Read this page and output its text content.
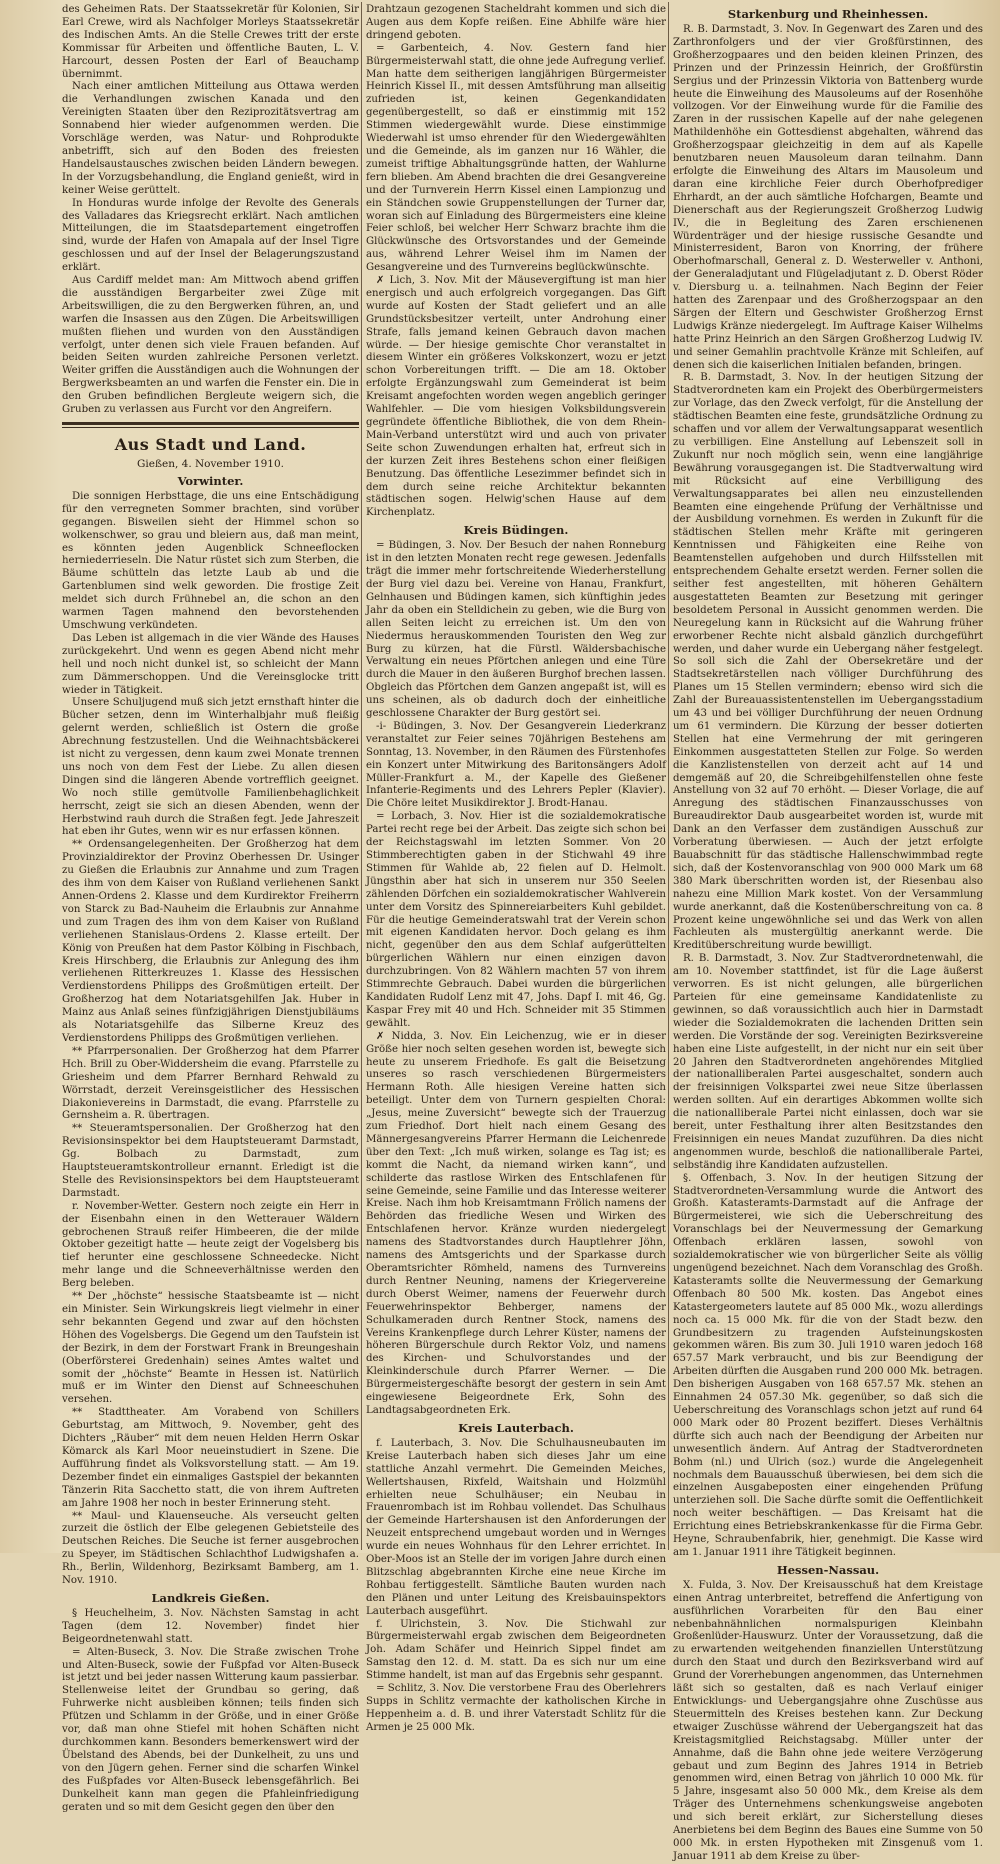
des Geheimen Rats. Der Staatssekretär für Kolonien, Sir Earl Crewe, wird als Nachfolger Morleys Staatssekretär des Indischen Amts. An die Stelle Crewes tritt der erste Kommissar für Arbeiten und öffentliche Bauten, L. V. Harcourt, dessen Posten der Earl of Beauchamp übernimmt.

Nach einer amtlichen Mitteilung aus Ottawa werden die Verhandlungen zwischen Kanada und den Vereinigten Staaten über den Reziprozitätsvertrag am Sonnabend hier wieder aufgenommen werden. Die Vorschläge werden, was Natur- und Rohprodukte anbetrifft, sich auf den Boden des freiesten Handelsaustausches zwischen beiden Ländern bewegen. In der Vorzugsbehandlung, die England genießt, wird in keiner Weise gerüttelt.

In Honduras wurde infolge der Revolte des Generals des Valladares das Kriegsrecht erklärt. Nach amtlichen Mitteilungen, die im Staatsdepartement eingetroffen sind, wurde der Hafen von Amapala auf der Insel Tigre geschlossen und auf der Insel der Belagerungszustand erklärt.

Aus Cardiff meldet man: Am Mittwoch abend griffen die ausständigen Bergarbeiter zwei Züge mit Arbeitswilligen, die zu den Bergwerken führen, an, und warfen die Insassen aus den Zügen. Die Arbeitswilligen mußten fliehen und wurden von den Ausständigen verfolgt, unter denen sich viele Frauen befanden. Auf beiden Seiten wurden zahlreiche Personen verletzt. Weiter griffen die Ausständigen auch die Wohnungen der Bergwerksbeamten an und warfen die Fenster ein. Die in den Gruben befindlichen Bergleute weigern sich, die Gruben zu verlassen aus Furcht vor den Angreifern.

Aus Stadt und Land.
Gießen, 4. November 1910.
Vorwinter.

Die sonnigen Herbsttage, die uns eine Entschädigung für den verregneten Sommer brachten, sind vorüber gegangen. Bisweilen sieht der Himmel schon so wolkenschwer, so grau und bleiern aus, daß man meint, es könnten jeden Augenblick Schneeflocken herniederrieseln. Die Natur rüstet sich zum Sterben, die Bäume schütteln das letzte Laub ab und die Gartenblumen sind welk geworden. Die frostige Zeit meldet sich durch Frühnebel an, die schon an den warmen Tagen mahnend den bevorstehenden Umschwung verkündeten.

Das Leben ist allgemach in die vier Wände des Hauses zurückgekehrt. Und wenn es gegen Abend nicht mehr hell und noch nicht dunkel ist, so schleicht der Mann zum Dämmerschoppen. Und die Vereinsglocke tritt wieder in Tätigkeit.

Unsere Schuljugend muß sich jetzt ernsthaft hinter die Bücher setzen, denn im Winterhalbjahr muß fleißig gelernt werden, schließlich ist Ostern die große Abrechnung festzustellen. Und die Weihnachtsbäckerei ist nicht zu vergessen, denn kaum zwei Monate trennen uns noch von dem Fest der Liebe. Zu allen diesen Dingen sind die längeren Abende vortrefflich geeignet. Wo noch stille gemütvolle Familienbehaglichkeit herrscht, zeigt sie sich an diesen Abenden, wenn der Herbstwind rauh durch die Straßen fegt. Jede Jahreszeit hat eben ihr Gutes, wenn wir es nur erfassen können.

** Ordensangelegenheiten. Der Großherzog hat dem Provinzialdirektor der Provinz Oberhessen Dr. Usinger zu Gießen die Erlaubnis zur Annahme und zum Tragen des ihm von dem Kaiser von Rußland verliehenen Sankt Annen-Ordens 2. Klasse und dem Kurdirektor Freiherrn von Starck zu Bad-Nauheim die Erlaubnis zur Annahme und zum Tragen des ihm von dem Kaiser von Rußland verliehenen Stanislaus-Ordens 2. Klasse erteilt. Der König von Preußen hat dem Pastor Kölbing in Fischbach, Kreis Hirschberg, die Erlaubnis zur Anlegung des ihm verliehenen Ritterkreuzes 1. Klasse des Hessischen Verdienstordens Philipps des Großmütigen erteilt. Der Großherzog hat dem Notariatsgehilfen Jak. Huber in Mainz aus Anlaß seines fünfzigjährigen Dienstjubiläums als Notariatsgehilfe das Silberne Kreuz des Verdienstordens Philipps des Großmütigen verliehen.

** Pfarrpersonalien. Der Großherzog hat dem Pfarrer Hch. Brill zu Ober-Widdersheim die evang. Pfarrstelle zu Griesheim und dem Pfarrer Bernhard Rehwald zu Wörrstadt, derzeit Vereinsgeistlicher des Hessischen Diakonievereins in Darmstadt, die evang. Pfarrstelle zu Gernsheim a. R. übertragen.

** Steueramtspersonalien. Der Großherzog hat den Revisionsinspektor bei dem Hauptsteueramt Darmstadt, Gg. Bolbach zu Darmstadt, zum Hauptsteueramtskontrolleur ernannt. Erledigt ist die Stelle des Revisionsinspektors bei dem Hauptsteueramt Darmstadt.

r. November-Wetter. Gestern noch zeigte ein Herr in der Eisenbahn einen in den Wetterauer Wäldern gebrochenen Strauß reifer Himbeeren, die der milde Oktober gezeitigt hatte — heute zeigt der Vogelsberg bis tief herunter eine geschlossene Schneedecke. Nicht mehr lange und die Schneeverhältnisse werden den Berg beleben.

** Der „höchste“ hessische Staatsbeamte ist — nicht ein Minister. Sein Wirkungskreis liegt vielmehr in einer sehr bekannten Gegend und zwar auf den höchsten Höhen des Vogelsbergs. Die Gegend um den Taufstein ist der Bezirk, in dem der Forstwart Frank in Breungeshain (Oberförsterei Gredenhain) seines Amtes waltet und somit der „höchste“ Beamte in Hessen ist. Natürlich muß er im Winter den Dienst auf Schneeschuhen versehen.

** Stadttheater. Am Vorabend von Schillers Geburtstag, am Mittwoch, 9. November, geht des Dichters „Räuber“ mit dem neuen Helden Herrn Oskar Kömarck als Karl Moor neueinstudiert in Szene. Die Aufführung findet als Volksvorstellung statt. — Am 19. Dezember findet ein einmaliges Gastspiel der bekannten Tänzerin Rita Sacchetto statt, die von ihrem Auftreten am Jahre 1908 her noch in bester Erinnerung steht.

** Maul- und Klauenseuche. Als verseucht gelten zurzeit die östlich der Elbe gelegenen Gebietsteile des Deutschen Reiches. Die Seuche ist ferner ausgebrochen zu Speyer, im Städtischen Schlachthof Ludwigshafen a. Rh., Berlin, Wildenhorg, Bezirksamt Bamberg, am 1. Nov. 1910.

Landkreis Gießen.

§ Heuchelheim, 3. Nov. Nächsten Samstag in acht Tagen (dem 12. November) findet hier Beigeordnetenwahl statt.

= Alten-Buseck, 3. Nov. Die Straße zwischen Trohe und Alten-Buseck, sowie der Fußpfad vor Alten-Buseck ist jetzt und bei jeder nassen Witterung kaum passierbar. Stellenweise leitet der Grundbau so gering, daß Fuhrwerke nicht ausbleiben können; teils finden sich Pfützen und Schlamm in der Größe, und in einer Größe vor, daß man ohne Stiefel mit hohen Schäften nicht durchkommen kann. Besonders bemerkenswert wird der Übelstand des Abends, bei der Dunkelheit, zu uns und von den Jügern gehen. Ferner sind die scharfen Winkel des Fußpfades vor Alten-Buseck lebensgefährlich. Bei Dunkelheit kann man gegen die Pfahleinfriedigung geraten und so mit dem Gesicht gegen den über den

Drahtzaun gezogenen Stacheldraht kommen und sich die Augen aus dem Kopfe reißen. Eine Abhilfe wäre hier dringend geboten.

= Garbenteich, 4. Nov. Gestern fand hier Bürgermeisterwahl statt, die ohne jede Aufregung verlief. Man hatte dem seitherigen langjährigen Bürgermeister Heinrich Kissel II., mit dessen Amtsführung man allseitig zufrieden ist, keinen Gegenkandidaten gegenübergestellt, so daß er einstimmig mit 152 Stimmen wiedergewählt wurde. Diese einstimmige Wiederwahl ist umso ehrender für den Wiedergewählten und die Gemeinde, als im ganzen nur 16 Wähler, die zumeist triftige Abhaltungsgründe hatten, der Wahlurne fern blieben. Am Abend brachten die drei Gesangvereine und der Turnverein Herrn Kissel einen Lampionzug und ein Ständchen sowie Gruppenstellungen der Turner dar, woran sich auf Einladung des Bürgermeisters eine kleine Feier schloß, bei welcher Herr Schwarz brachte ihm die Glückwünsche des Ortsvorstandes und der Gemeinde aus, während Lehrer Weisel ihm im Namen der Gesangvereine und des Turnvereins beglückwünschte.

✗ Lich, 3. Nov. Mit der Mäusevergiftung ist man hier energisch und auch erfolgreich vorgegangen. Das Gift wurde auf Kosten der Stadt geliefert und an alle Grundstücksbesitzer verteilt, unter Androhung einer Strafe, falls jemand keinen Gebrauch davon machen würde. — Der hiesige gemischte Chor veranstaltet in diesem Winter ein größeres Volkskonzert, wozu er jetzt schon Vorbereitungen trifft. — Die am 18. Oktober erfolgte Ergänzungswahl zum Gemeinderat ist beim Kreisamt angefochten worden wegen angeblich geringer Wahlfehler. — Die vom hiesigen Volksbildungsverein gegründete öffentliche Bibliothek, die von dem Rhein-Main-Verband unterstützt wird und auch von privater Seite schon Zuwendungen erhalten hat, erfreut sich in der kurzen Zeit ihres Bestehens schon einer fleißigen Benutzung. Das öffentliche Lesezimmer befindet sich in dem durch seine reiche Architektur bekannten städtischen sogen. Helwig'schen Hause auf dem Kirchenplatz.

Kreis Büdingen.

= Büdingen, 3. Nov. Der Besuch der nahen Ronneburg ist in den letzten Monaten recht rege gewesen. Jedenfalls trägt die immer mehr fortschreitende Wiederherstellung der Burg viel dazu bei. Vereine von Hanau, Frankfurt, Gelnhausen und Büdingen kamen, sich künftighin jedes Jahr da oben ein Stelldichein zu geben, wie die Burg von allen Seiten leicht zu erreichen ist. Um den von Niedermus herauskommenden Touristen den Weg zur Burg zu kürzen, hat die Fürstl. Wäldersbachische Verwaltung ein neues Pförtchen anlegen und eine Türe durch die Mauer in den äußeren Burghof brechen lassen. Obgleich das Pförtchen dem Ganzen angepaßt ist, will es uns scheinen, als ob dadurch doch der einheitliche geschlossene Charakter der Burg gestört sei.

-i- Büdingen, 3. Nov. Der Gesangverein Liederkranz veranstaltet zur Feier seines 70jährigen Bestehens am Sonntag, 13. November, in den Räumen des Fürstenhofes ein Konzert unter Mitwirkung des Baritonsängers Adolf Müller-Frankfurt a. M., der Kapelle des Gießener Infanterie-Regiments und des Lehrers Pepler (Klavier). Die Chöre leitet Musikdirektor J. Brodt-Hanau.

= Lorbach, 3. Nov. Hier ist die sozialdemokratische Partei recht rege bei der Arbeit. Das zeigte sich schon bei der Reichstagswahl im letzten Sommer. Von 20 Stimmberechtigten gaben in der Stichwahl 49 ihre Stimmen für Wahlde ab, 22 fielen auf D. Helmolt. Jüngsthin aber hat sich in unserem nur 350 Seelen zählenden Dörfchen ein sozialdemokratischer Wahlverein unter dem Vorsitz des Spinnereiarbeiters Kuhl gebildet. Für die heutige Gemeinderatswahl trat der Verein schon mit eigenen Kandidaten hervor. Doch gelang es ihm nicht, gegenüber den aus dem Schlaf aufgerüttelten bürgerlichen Wählern nur einen einzigen davon durchzubringen. Von 82 Wählern machten 57 von ihrem Stimmrechte Gebrauch. Dabei wurden die bürgerlichen Kandidaten Rudolf Lenz mit 47, Johs. Dapf I. mit 46, Gg. Kaspar Frey mit 40 und Hch. Schneider mit 35 Stimmen gewählt.

✗ Nidda, 3. Nov. Ein Leichenzug, wie er in dieser Größe hier noch selten gesehen worden ist, bewegte sich heute zu unserem Friedhofe. Es galt die Beisetzung unseres so rasch verschiedenen Bürgermeisters Hermann Roth. Alle hiesigen Vereine hatten sich beteiligt. Unter dem von Turnern gespielten Choral: „Jesus, meine Zuversicht“ bewegte sich der Trauerzug zum Friedhof. Dort hielt nach einem Gesang des Männergesangvereins Pfarrer Hermann die Leichenrede über den Text: „Ich muß wirken, solange es Tag ist; es kommt die Nacht, da niemand wirken kann“, und schilderte das rastlose Wirken des Entschlafenen für seine Gemeinde, seine Familie und das Interesse weiterer Kreise. Nach ihm hob Kreisamtmann Frölich namens der Behörden das friedliche Wesen und Wirken des Entschlafenen hervor. Kränze wurden niedergelegt namens des Stadtvorstandes durch Hauptlehrer Jöhn, namens des Amtsgerichts und der Sparkasse durch Oberamtsrichter Römheld, namens des Turnvereins durch Rentner Neuning, namens der Kriegervereine durch Oberst Weimer, namens der Feuerwehr durch Feuerwehrinspektor Behberger, namens der Schulkameraden durch Rentner Stock, namens des Vereins Krankenpflege durch Lehrer Küster, namens der höheren Bürgerschule durch Rektor Volz, und namens des Kirchen- und Schulvorstandes und der Kleinkinderschule durch Pfarrer Werner. — Die Bürgermeistergeschäfte besorgt der gestern in sein Amt eingewiesene Beigeordnete Erk, Sohn des Landtagsabgeordneten Erk.

Kreis Lauterbach.

f. Lauterbach, 3. Nov. Die Schulhausneubauten im Kreise Lauterbach haben sich dieses Jahr um eine stattliche Anzahl vermehrt. Die Gemeinden Meiches, Wellertshausen, Rixfeld, Waitshain und Holzmühl erhielten neue Schulhäuser; ein Neubau in Frauenrombach ist im Rohbau vollendet. Das Schulhaus der Gemeinde Hartershausen ist den Anforderungen der Neuzeit entsprechend umgebaut worden und in Wernges wurde ein neues Wohnhaus für den Lehrer errichtet. In Ober-Moos ist an Stelle der im vorigen Jahre durch einen Blitzschlag abgebrannten Kirche eine neue Kirche im Rohbau fertiggestellt. Sämtliche Bauten wurden nach den Plänen und unter Leitung des Kreisbauinspektors Lauterbach ausgeführt.

f. Ulrichstein, 3. Nov. Die Stichwahl zur Bürgermeisterwahl ergab zwischen dem Beigeordneten Joh. Adam Schäfer und Heinrich Sippel findet am Samstag den 12. d. M. statt. Da es sich nur um eine Stimme handelt, ist man auf das Ergebnis sehr gespannt.

= Schlitz, 3. Nov. Die verstorbene Frau des Oberlehrers Supps in Schlitz vermachte der katholischen Kirche in Heppenheim a. d. B. und ihrer Vaterstadt Schlitz für die Armen je 25 000 Mk.

Starkenburg und Rheinhessen.

R. B. Darmstadt, 3. Nov. In Gegenwart des Zaren und des Zarthronfolgers und der vier Großfürstinnen, des Großherzogpaares und den beiden kleinen Prinzen, des Prinzen und der Prinzessin Heinrich, der Großfürstin Sergius und der Prinzessin Viktoria von Battenberg wurde heute die Einweihung des Mausoleums auf der Rosenhöhe vollzogen. Vor der Einweihung wurde für die Familie des Zaren in der russischen Kapelle auf der nahe gelegenen Mathildenhöhe ein Gottesdienst abgehalten, während das Großherzogspaar gleichzeitig in dem auf als Kapelle benutzbaren neuen Mausoleum daran teilnahm. Dann erfolgte die Einweihung des Altars im Mausoleum und daran eine kirchliche Feier durch Oberhofprediger Ehrhardt, an der auch sämtliche Hofchargen, Beamte und Dienerschaft aus der Regierungszeit Großherzog Ludwig IV., die in Begleitung des Zaren erschienenen Würdenträger und der hiesige russische Gesandte und Ministerresident, Baron von Knorring, der frühere Oberhofmarschall, General z. D. Westerweller v. Anthoni, der Generaladjutant und Flügeladjutant z. D. Oberst Röder v. Diersburg u. a. teilnahmen. Nach Beginn der Feier hatten des Zarenpaar und des Großherzogspaar an den Särgen der Eltern und Geschwister Großherzog Ernst Ludwigs Kränze niedergelegt. Im Auftrage Kaiser Wilhelms hatte Prinz Heinrich an den Särgen Großherzog Ludwig IV. und seiner Gemahlin prachtvolle Kränze mit Schleifen, auf denen sich die kaiserlichen Initialen befanden, bringen.

R. B. Darmstadt, 3. Nov. In der heutigen Sitzung der Stadtverordneten kam ein Projekt des Oberbürgermeisters zur Vorlage, das den Zweck verfolgt, für die Anstellung der städtischen Beamten eine feste, grundsätzliche Ordnung zu schaffen und vor allem der Verwaltungsapparat wesentlich zu verbilligen. Eine Anstellung auf Lebenszeit soll in Zukunft nur noch möglich sein, wenn eine langjährige Bewährung vorausgegangen ist. Die Stadtverwaltung wird mit Rücksicht auf eine Verbilligung des Verwaltungsapparates bei allen neu einzustellenden Beamten eine eingehende Prüfung der Verhältnisse und der Ausbildung vornehmen. Es werden in Zukunft für die städtischen Stellen mehr Kräfte mit geringeren Kenntnissen und Fähigkeiten eine Reihe von Beamtenstellen aufgehoben und durch Hilfsstellen mit entsprechendem Gehalte ersetzt werden. Ferner sollen die seither fest angestellten, mit höheren Gehältern ausgestatteten Beamten zur Besetzung mit geringer besoldetem Personal in Aussicht genommen werden. Die Neuregelung kann in Rücksicht auf die Wahrung früher erworbener Rechte nicht alsbald gänzlich durchgeführt werden, und daher wurde ein Uebergang näher festgelegt. So soll sich die Zahl der Obersekretäre und der Stadtsekretärstellen nach völliger Durchführung des Planes um 15 Stellen vermindern; ebenso wird sich die Zahl der Bureauassistentenstellen im Uebergangsstadium um 43 und bei völliger Durchführung der neuen Ordnung um 61 vermindern. Die Kürzung der besser dotierten Stellen hat eine Vermehrung der mit geringeren Einkommen ausgestatteten Stellen zur Folge. So werden die Kanzlistenstellen von derzeit acht auf 14 und demgemäß auf 20, die Schreibgehilfenstellen ohne feste Anstellung von 32 auf 70 erhöht. — Dieser Vorlage, die auf Anregung des städtischen Finanzausschusses von Bureaudirektor Daub ausgearbeitet worden ist, wurde mit Dank an den Verfasser dem zuständigen Ausschuß zur Vorberatung überwiesen. — Auch der jetzt erfolgte Bauabschnitt für das städtische Hallenschwimmbad regte sich, daß der Kostenvoranschlag von 900 000 Mark um 68 380 Mark überschritten worden ist, der Riesenbau also nahezu eine Million Mark kostet. Von der Versammlung wurde anerkannt, daß die Kostenüberschreitung von ca. 8 Prozent keine ungewöhnliche sei und das Werk von allen Fachleuten als mustergültig anerkannt werde. Die Kreditüberschreitung wurde bewilligt.

R. B. Darmstadt, 3. Nov. Zur Stadtverordnetenwahl, die am 10. November stattfindet, ist für die Lage äußerst verworren. Es ist nicht gelungen, alle bürgerlichen Parteien für eine gemeinsame Kandidatenliste zu gewinnen, so daß voraussichtlich auch hier in Darmstadt wieder die Sozialdemokraten die lachenden Dritten sein werden. Die Vorstände der sog. Vereinigten Bezirksvereine haben eine Liste aufgestellt, in der nicht nur ein seit über 20 Jahren den Stadtverordneten angehörendes Mitglied der nationalliberalen Partei ausgeschaltet, sondern auch der freisinnigen Volkspartei zwei neue Sitze überlassen werden sollten. Auf ein derartiges Abkommen wollte sich die nationalliberale Partei nicht einlassen, doch war sie bereit, unter Festhaltung ihrer alten Besitzstandes den Freisinnigen ein neues Mandat zuzuführen. Da dies nicht angenommen wurde, beschloß die nationalliberale Partei, selbständig ihre Kandidaten aufzustellen.

§. Offenbach, 3. Nov. In der heutigen Sitzung der Stadtverordneten-Versammlung wurde die Antwort des Großh. Katasteramts-Darmstadt auf die Anfrage der Bürgermeisterei, wie sich die Ueberschreitung des Voranschlags bei der Neuvermessung der Gemarkung Offenbach erklären lassen, sowohl von sozialdemokratischer wie von bürgerlicher Seite als völlig ungenügend bezeichnet. Nach dem Voranschlag des Großh. Katasteramts sollte die Neuvermessung der Gemarkung Offenbach 80 500 Mk. kosten. Das Angebot eines Katastergeometers lautete auf 85 000 Mk., wozu allerdings noch ca. 15 000 Mk. für die von der Stadt bezw. den Grundbesitzern zu tragenden Aufsteinungskosten gekommen wären. Bis zum 30. Juli 1910 waren jedoch 168 657.57 Mark verbraucht, und bis zur Beendigung der Arbeiten dürften die Ausgaben rund 200 000 Mk. betragen. Den bisherigen Ausgaben von 168 657.57 Mk. stehen an Einnahmen 24 057.30 Mk. gegenüber, so daß sich die Ueberschreitung des Voranschlags schon jetzt auf rund 64 000 Mark oder 80 Prozent beziffert. Dieses Verhältnis dürfte sich auch nach der Beendigung der Arbeiten nur unwesentlich ändern. Auf Antrag der Stadtverordneten Bohm (nl.) und Ulrich (soz.) wurde die Angelegenheit nochmals dem Bauausschuß überwiesen, bei dem sich die einzelnen Ausgabeposten einer eingehenden Prüfung unterziehen soll. Die Sache dürfte somit die Oeffentlichkeit noch weiter beschäftigen. — Das Kreisamt hat die Errichtung eines Betriebskrankenkasse für die Firma Gebr. Heyne, Schraubenfabrik, hier, genehmigt. Die Kasse wird am 1. Januar 1911 ihre Tätigkeit beginnen.

Hessen-Nassau.

X. Fulda, 3. Nov. Der Kreisausschuß hat dem Kreistage einen Antrag unterbreitet, betreffend die Anfertigung von ausführlichen Vorarbeiten für den Bau einer nebenbahnähnlichen normalspurigen Kleinbahn Großenlüder-Hauswurz. Unter der Voraussetzung, daß die zu erwartenden weitgehenden finanziellen Unterstützung durch den Staat und durch den Bezirksverband wird auf Grund der Vorerhebungen angenommen, das Unternehmen läßt sich so gestalten, daß es nach Verlauf einiger Entwicklungs- und Uebergangsjahre ohne Zuschüsse aus Steuermitteln des Kreises bestehen kann. Zur Deckung etwaiger Zuschüsse während der Uebergangszeit hat das Kreistagsmitglied Reichstagsabg. Müller unter der Annahme, daß die Bahn ohne jede weitere Verzögerung gebaut und zum Beginn des Jahres 1914 in Betrieb genommen wird, einen Betrag von jährlich 10 000 Mk. für 5 Jahre, insgesamt also 50 000 Mk., dem Kreise als dem Träger des Unternehmens schenkungsweise angeboten und sich bereit erklärt, zur Sicherstellung dieses Anerbietens bei dem Beginn des Baues eine Summe von 50 000 Mk. in ersten Hypotheken mit Zinsgenuß vom 1. Januar 1911 ab dem Kreise zu über-
